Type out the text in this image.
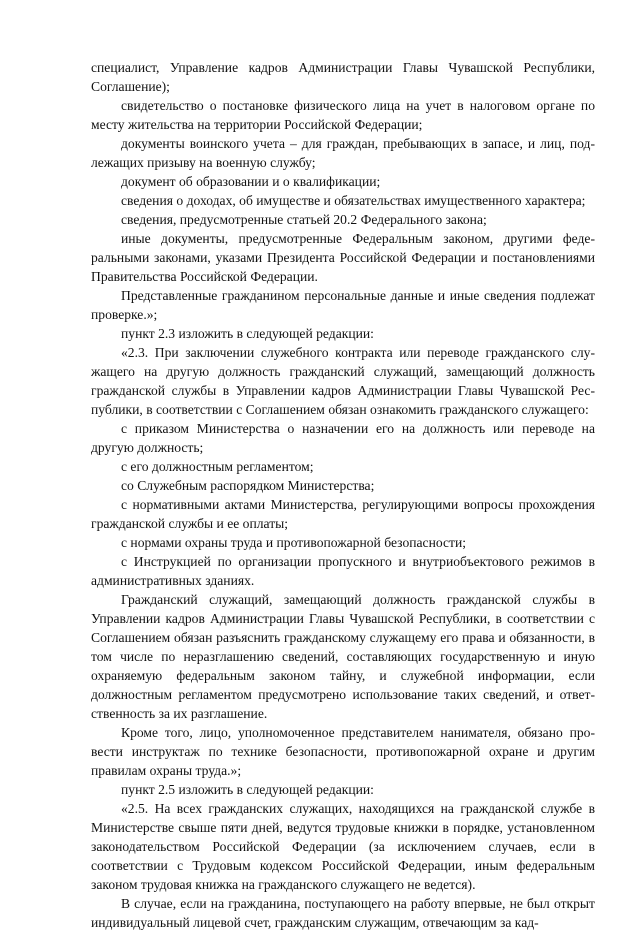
специалист, Управление кадров Администрации Главы Чувашской Республики, Соглашение);

свидетельство о постановке физического лица на учет в налоговом органе по месту жительства на территории Российской Федерации;

документы воинского учета – для граждан, пребывающих в запасе, и лиц, подлежащих призыву на военную службу;

документ об образовании и о квалификации;

сведения о доходах, об имуществе и обязательствах имущественного характера;

сведения, предусмотренные статьей 20.2 Федерального закона;

иные документы, предусмотренные Федеральным законом, другими федеральными законами, указами Президента Российской Федерации и постановлениями Правительства Российской Федерации.

Представленные гражданином персональные данные и иные сведения подлежат проверке.»;

пункт 2.3 изложить в следующей редакции:

«2.3. При заключении служебного контракта или переводе гражданского служащего на другую должность гражданский служащий, замещающий должность гражданской службы в Управлении кадров Администрации Главы Чувашской Республики, в соответствии с Соглашением обязан ознакомить гражданского служащего:

с приказом Министерства о назначении его на должность или переводе на другую должность;

с его должностным регламентом;

со Служебным распорядком Министерства;

с нормативными актами Министерства, регулирующими вопросы прохождения гражданской службы и ее оплаты;

с нормами охраны труда и противопожарной безопасности;

с Инструкцией по организации пропускного и внутриобъектового режимов в административных зданиях.

Гражданский служащий, замещающий должность гражданской службы в Управлении кадров Администрации Главы Чувашской Республики, в соответствии с Соглашением обязан разъяснить гражданскому служащему его права и обязанности, в том числе по неразглашению сведений, составляющих государственную и иную охраняемую федеральным законом тайну, и служебной информации, если должностным регламентом предусмотрено использование таких сведений, и ответственность за их разглашение.

Кроме того, лицо, уполномоченное представителем нанимателя, обязано провести инструктаж по технике безопасности, противопожарной охране и другим правилам охраны труда.»;

пункт 2.5 изложить в следующей редакции:

«2.5. На всех гражданских служащих, находящихся на гражданской службе в Министерстве свыше пяти дней, ведутся трудовые книжки в порядке, установленном законодательством Российской Федерации (за исключением случаев, если в соответствии с Трудовым кодексом Российской Федерации, иным федеральным законом трудовая книжка на гражданского служащего не ведется).

В случае, если на гражданина, поступающего на работу впервые, не был открыт индивидуальный лицевой счет, гражданским служащим, отвечающим за кад-
